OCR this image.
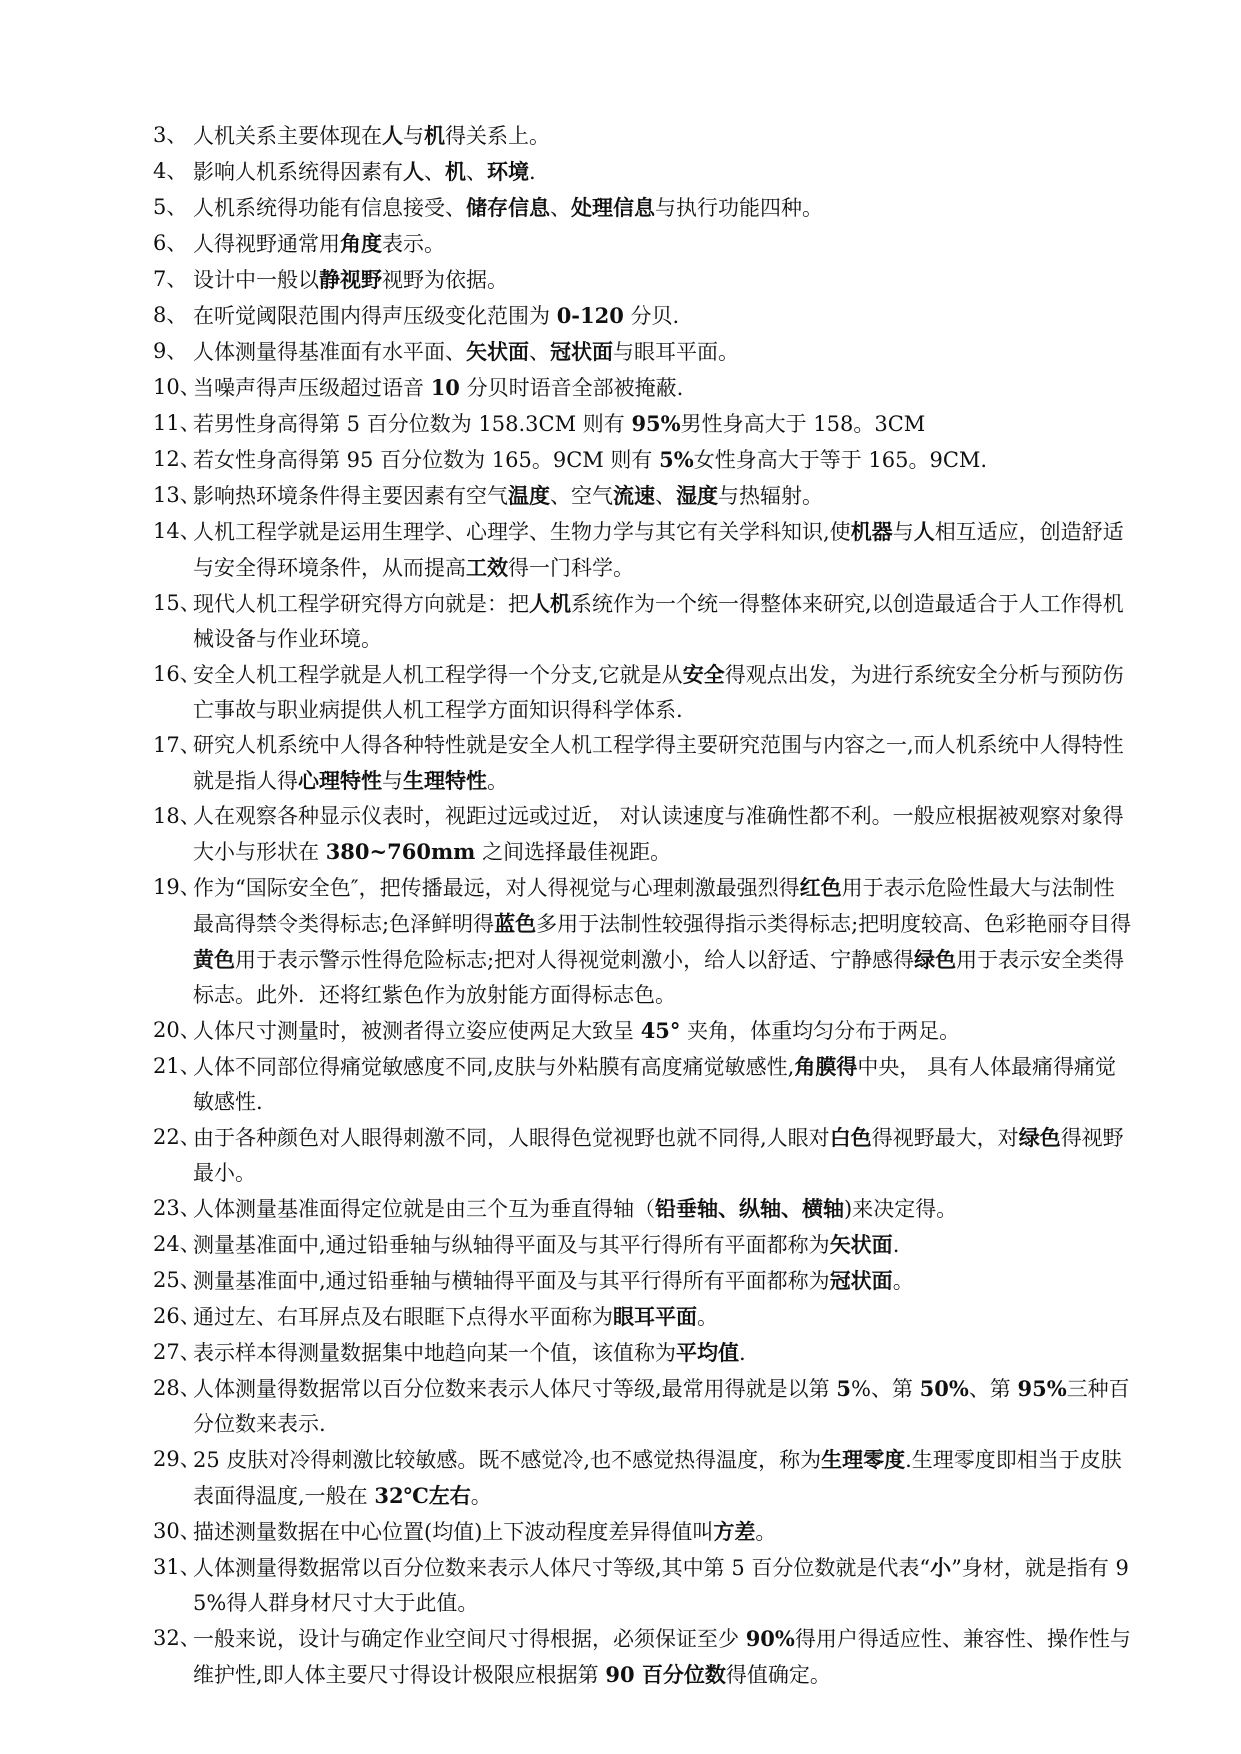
3、 人机关系主要体现在人与机得关系上。
4、 影响人机系统得因素有人、机、环境.
5、 人机系统得功能有信息接受、储存信息、处理信息与执行功能四种。
6、 人得视野通常用角度表示。
7、 设计中一般以静视野视野为依据。
8、 在听觉阈限范围内得声压级变化范围为 0-120 分贝.
9、 人体测量得基准面有水平面、矢状面、冠状面与眼耳平面。
10、
当噪声得声压级超过语音 10 分贝时语音全部被掩蔽.
11、
若男性身高得第 5 百分位数为 158.3CM 则有 95%男性身高大于 158。3CM
12、
若女性身高得第 95 百分位数为 165。9CM 则有 5%女性身高大于等于 165。9CM.
13、
影响热环境条件得主要因素有空气温度、空气流速、湿度与热辐射。
14、
人机工程学就是运用生理学、心理学、生物力学与其它有关学科知识,使机器与人相互适应，创造舒适与安全得环境条件，从而提高工效得一门科学。
15、
现代人机工程学研究得方向就是：把人机系统作为一个统一得整体来研究,以创造最适合于人工作得机械设备与作业环境。
16、
安全人机工程学就是人机工程学得一个分支,它就是从安全得观点出发，为进行系统安全分析与预防伤亡事故与职业病提供人机工程学方面知识得科学体系.
17、
研究人机系统中人得各种特性就是安全人机工程学得主要研究范围与内容之一,而人机系统中人得特性就是指人得心理特性与生理特性。
18、
人在观察各种显示仪表时，视距过远或过近， 对认读速度与准确性都不利。一般应根据被观察对象得大小与形状在 380~760mm 之间选择最佳视距。
19、
作为“国际安全色″，把传播最远，对人得视觉与心理刺激最强烈得红色用于表示危险性最大与法制性最高得禁令类得标志;色泽鲜明得蓝色多用于法制性较强得指示类得标志;把明度较高、色彩艳丽夺目得黄色用于表示警示性得危险标志;把对人得视觉刺激小，给人以舒适、宁静感得绿色用于表示安全类得标志。此外．还将红紫色作为放射能方面得标志色。
20、
人体尺寸测量时，被测者得立姿应使两足大致呈 45° 夹角，体重均匀分布于两足。
21、
人体不同部位得痛觉敏感度不同,皮肤与外粘膜有高度痛觉敏感性,角膜得中央， 具有人体最痛得痛觉敏感性.
22、
由于各种颜色对人眼得刺激不同，人眼得色觉视野也就不同得,人眼对白色得视野最大，对绿色得视野最小。
23、
人体测量基准面得定位就是由三个互为垂直得轴（铅垂轴、纵轴、横轴)来决定得。
24、
测量基准面中,通过铅垂轴与纵轴得平面及与其平行得所有平面都称为矢状面.
25、
测量基准面中,通过铅垂轴与横轴得平面及与其平行得所有平面都称为冠状面。
26、
通过左、右耳屏点及右眼眶下点得水平面称为眼耳平面。
27、
表示样本得测量数据集中地趋向某一个值，该值称为平均值.
28、
人体测量得数据常以百分位数来表示人体尺寸等级,最常用得就是以第 5%、第 50%、第 95%三种百分位数来表示.
29、
25 皮肤对冷得刺激比较敏感。既不感觉冷,也不感觉热得温度，称为生理零度.生理零度即相当于皮肤表面得温度,一般在 32℃左右。
30、
描述测量数据在中心位置(均值)上下波动程度差异得值叫方差。
31、
人体测量得数据常以百分位数来表示人体尺寸等级,其中第 5 百分位数就是代表“小”身材，就是指有 95%得人群身材尺寸大于此值。
32、
一般来说，设计与确定作业空间尺寸得根据，必须保证至少 90%得用户得适应性、兼容性、操作性与维护性,即人体主要尺寸得设计极限应根据第 90 百分位数得值确定。
